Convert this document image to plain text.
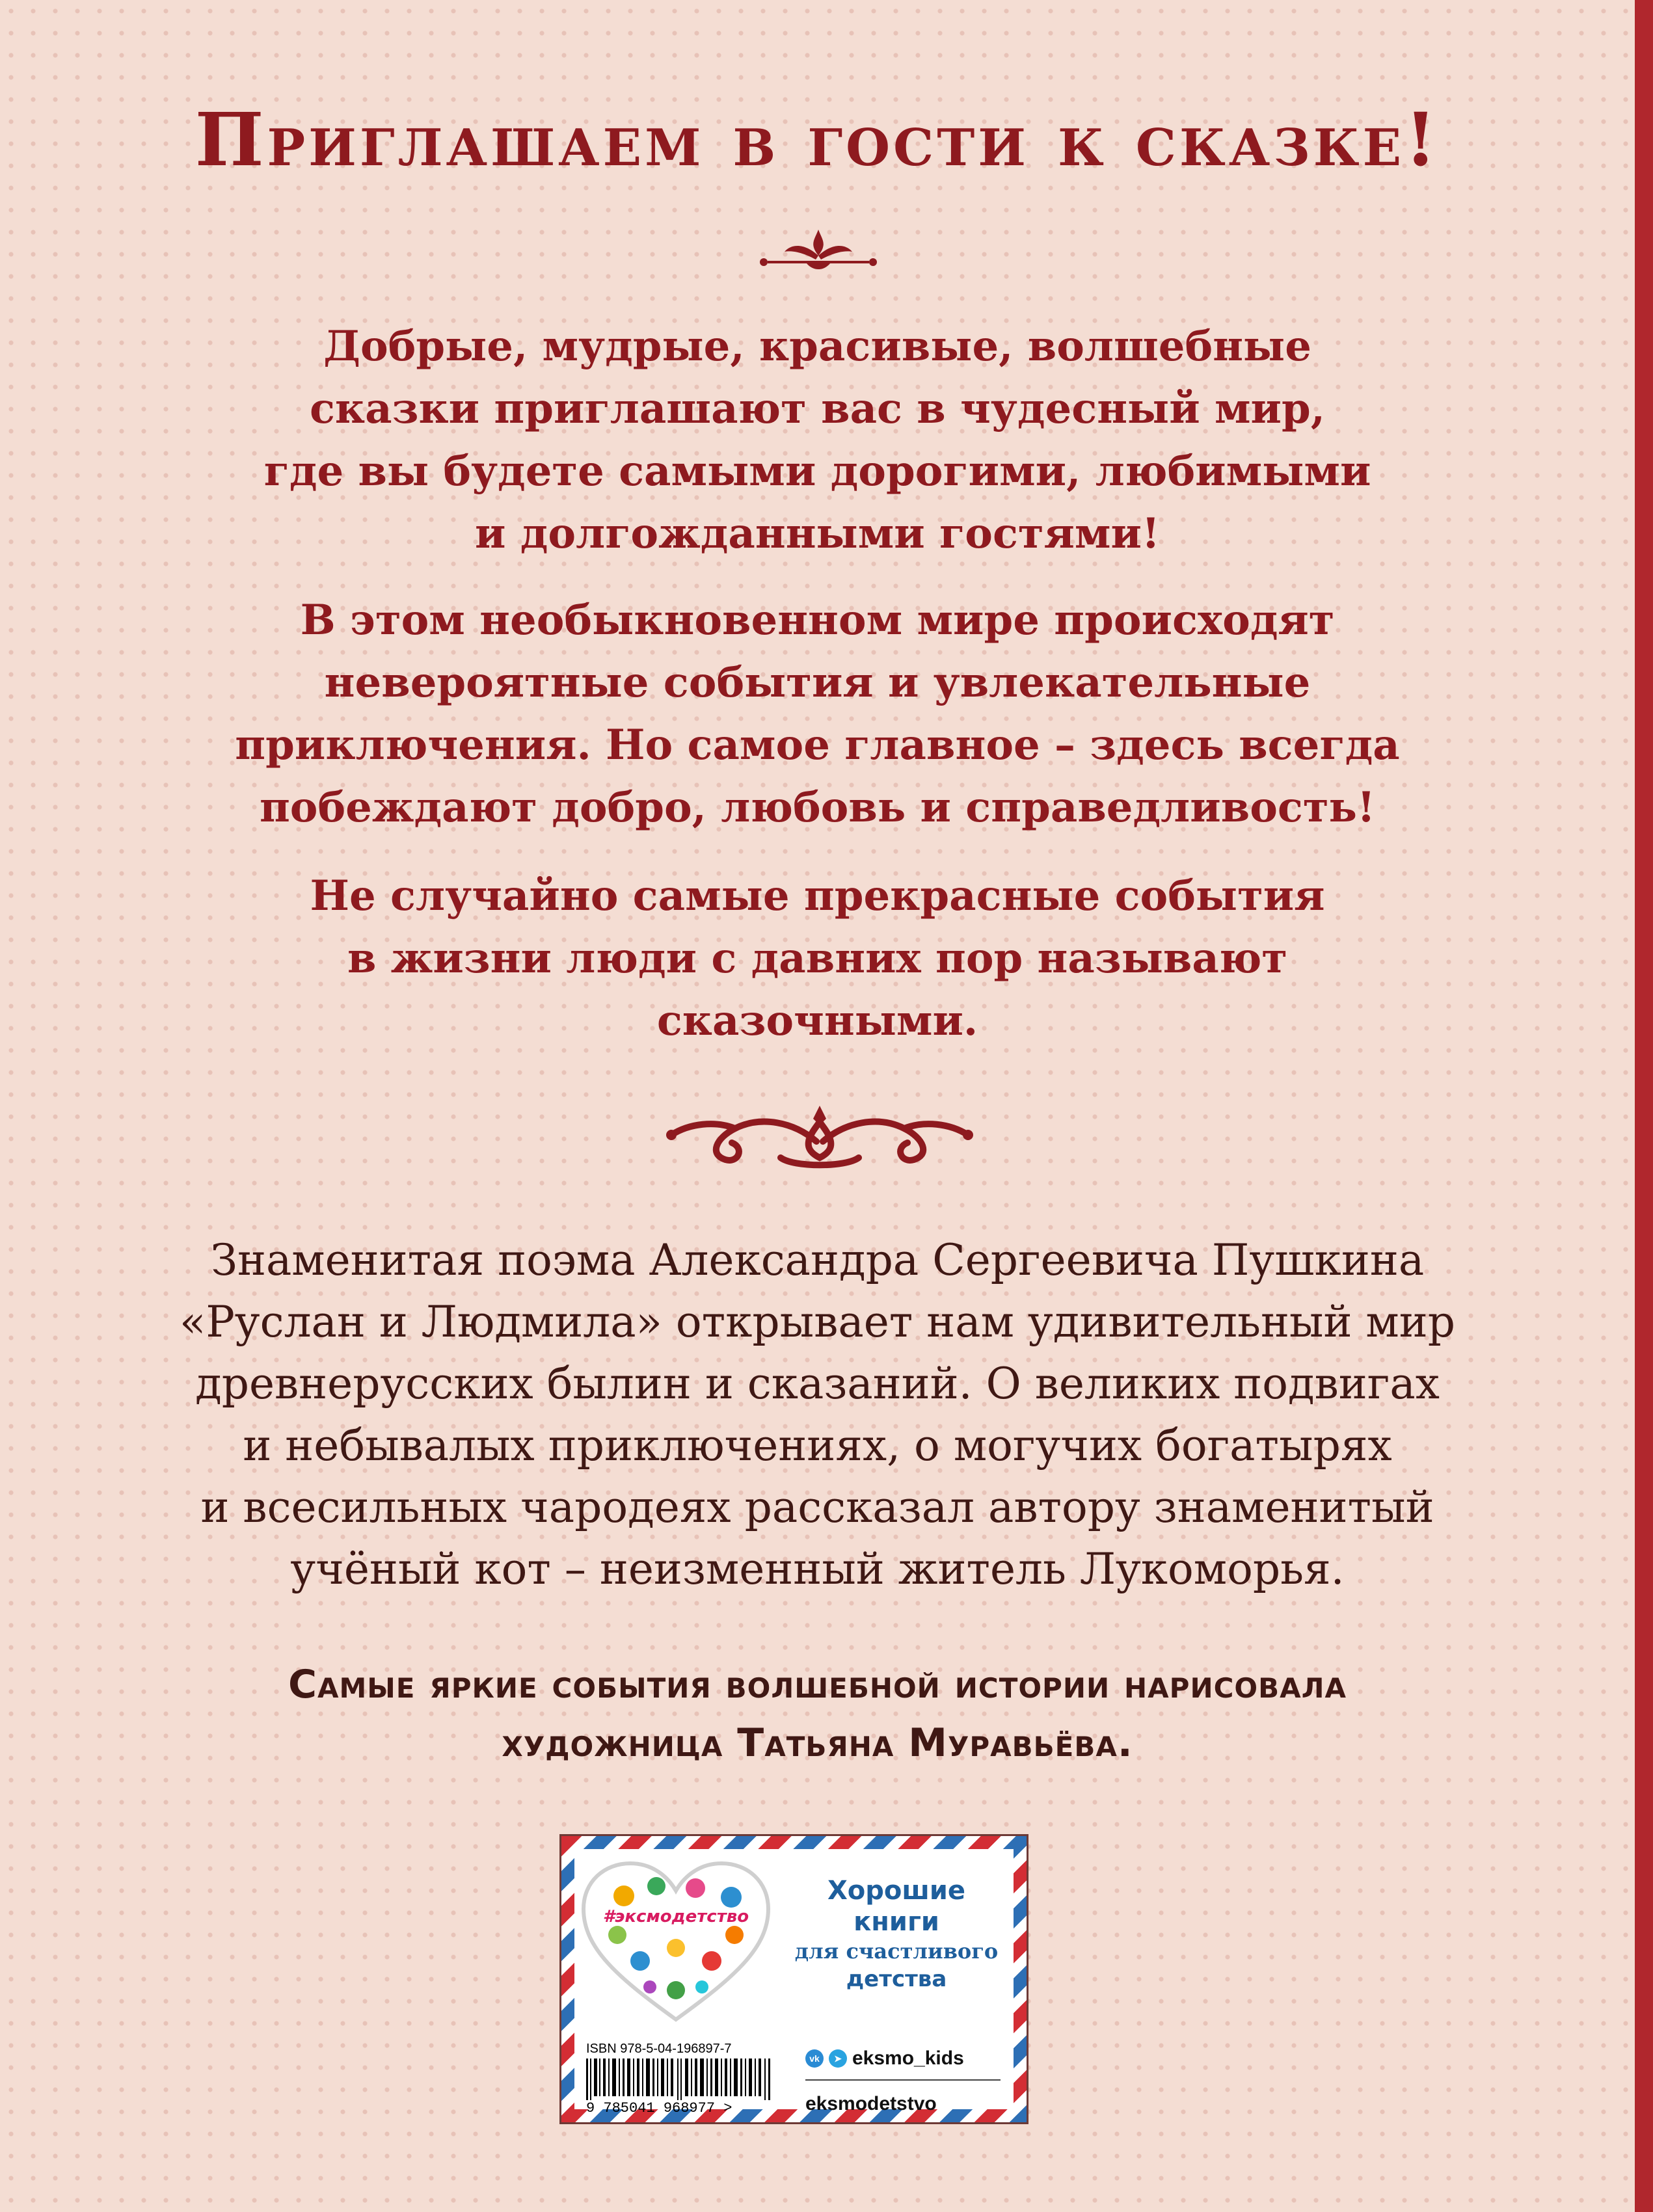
Приглашаем в гости к сказке!
Добрые, мудрые, красивые, волшебные
сказки приглашают вас в чудесный мир,
где вы будете самыми дорогими, любимыми
и долгожданными гостями!
В этом необыкновенном мире происходят
невероятные события и увлекательные
приключения. Но самое главное – здесь всегда
побеждают добро, любовь и справедливость!
Не случайно самые прекрасные события
в жизни люди с давних пор называют
сказочными.
Знаменитая поэма Александра Сергеевича Пушкина
«Руслан и Людмила» открывает нам удивительный мир
древнерусских былин и сказаний. О великих подвигах
и небывалых приключениях, о могучих богатырях
и всесильных чародеях рассказал автору знаменитый
учёный кот – неизменный житель Лукоморья.
Самые яркие события волшебной истории нарисовала
художница Татьяна Муравьёва.
#эксмодетство
Хорошие
книги
для счастливого
детства
ISBN 978-5-04-196897-7
9 785041 968977 >
vk	➤ eksmo_kids
eksmodetstvo
